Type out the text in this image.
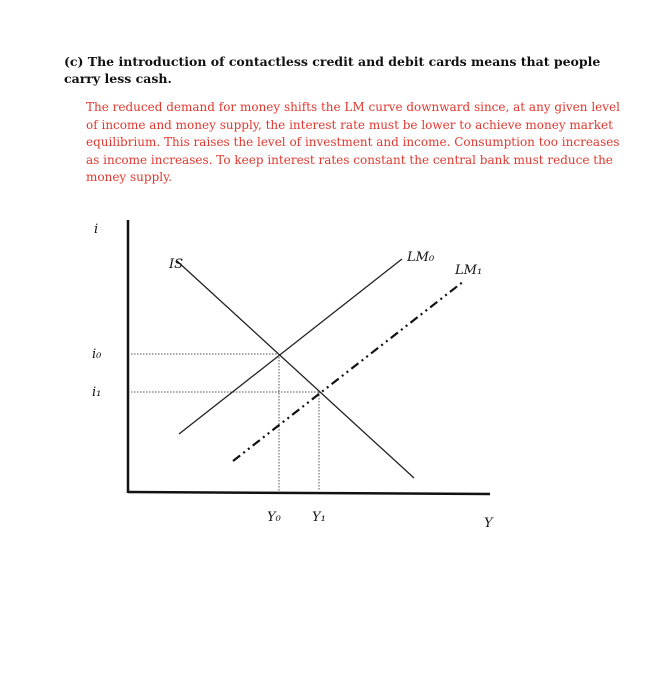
(c) The introduction of contactless credit and debit cards means that people carry less cash.
The reduced demand for money shifts the LM curve downward since, at any given level of income and money supply, the interest rate must be lower to achieve money market equilibrium. This raises the level of investment and income. Consumption too increases as income increases. To keep interest rates constant the central bank must reduce the money supply.
i
Y
i₀
i₁
Y₀ Y₁
IS	LM₀
LM₁
